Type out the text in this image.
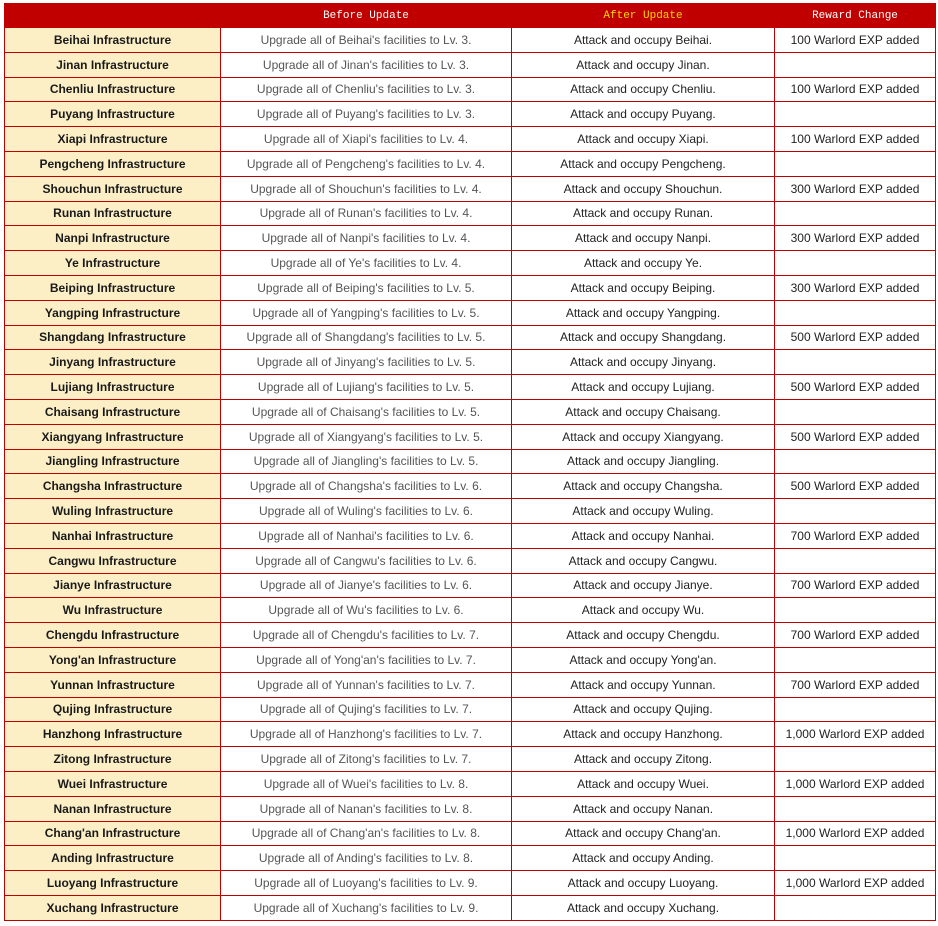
	Before Update	After Update	Reward Change
Beihai Infrastructure	Upgrade all of Beihai's facilities to Lv. 3.	Attack and occupy Beihai.	100 Warlord EXP added
Jinan Infrastructure	Upgrade all of Jinan's facilities to Lv. 3.	Attack and occupy Jinan.	
Chenliu Infrastructure	Upgrade all of Chenliu's facilities to Lv. 3.	Attack and occupy Chenliu.	100 Warlord EXP added
Puyang Infrastructure	Upgrade all of Puyang's facilities to Lv. 3.	Attack and occupy Puyang.	
Xiapi Infrastructure	Upgrade all of Xiapi's facilities to Lv. 4.	Attack and occupy Xiapi.	100 Warlord EXP added
Pengcheng Infrastructure	Upgrade all of Pengcheng's facilities to Lv. 4.	Attack and occupy Pengcheng.	
Shouchun Infrastructure	Upgrade all of Shouchun's facilities to Lv. 4.	Attack and occupy Shouchun.	300 Warlord EXP added
Runan Infrastructure	Upgrade all of Runan's facilities to Lv. 4.	Attack and occupy Runan.	
Nanpi Infrastructure	Upgrade all of Nanpi's facilities to Lv. 4.	Attack and occupy Nanpi.	300 Warlord EXP added
Ye Infrastructure	Upgrade all of Ye's facilities to Lv. 4.	Attack and occupy Ye.	
Beiping Infrastructure	Upgrade all of Beiping's facilities to Lv. 5.	Attack and occupy Beiping.	300 Warlord EXP added
Yangping Infrastructure	Upgrade all of Yangping's facilities to Lv. 5.	Attack and occupy Yangping.	
Shangdang Infrastructure	Upgrade all of Shangdang's facilities to Lv. 5.	Attack and occupy Shangdang.	500 Warlord EXP added
Jinyang Infrastructure	Upgrade all of Jinyang's facilities to Lv. 5.	Attack and occupy Jinyang.	
Lujiang Infrastructure	Upgrade all of Lujiang's facilities to Lv. 5.	Attack and occupy Lujiang.	500 Warlord EXP added
Chaisang Infrastructure	Upgrade all of Chaisang's facilities to Lv. 5.	Attack and occupy Chaisang.	
Xiangyang Infrastructure	Upgrade all of Xiangyang's facilities to Lv. 5.	Attack and occupy Xiangyang.	500 Warlord EXP added
Jiangling Infrastructure	Upgrade all of Jiangling's facilities to Lv. 5.	Attack and occupy Jiangling.	
Changsha Infrastructure	Upgrade all of Changsha's facilities to Lv. 6.	Attack and occupy Changsha.	500 Warlord EXP added
Wuling Infrastructure	Upgrade all of Wuling's facilities to Lv. 6.	Attack and occupy Wuling.	
Nanhai Infrastructure	Upgrade all of Nanhai's facilities to Lv. 6.	Attack and occupy Nanhai.	700 Warlord EXP added
Cangwu Infrastructure	Upgrade all of Cangwu's facilities to Lv. 6.	Attack and occupy Cangwu.	
Jianye Infrastructure	Upgrade all of Jianye's facilities to Lv. 6.	Attack and occupy Jianye.	700 Warlord EXP added
Wu Infrastructure	Upgrade all of Wu's facilities to Lv. 6.	Attack and occupy Wu.	
Chengdu Infrastructure	Upgrade all of Chengdu's facilities to Lv. 7.	Attack and occupy Chengdu.	700 Warlord EXP added
Yong'an Infrastructure	Upgrade all of Yong'an's facilities to Lv. 7.	Attack and occupy Yong'an.	
Yunnan Infrastructure	Upgrade all of Yunnan's facilities to Lv. 7.	Attack and occupy Yunnan.	700 Warlord EXP added
Qujing Infrastructure	Upgrade all of Qujing's facilities to Lv. 7.	Attack and occupy Qujing.	
Hanzhong Infrastructure	Upgrade all of Hanzhong's facilities to Lv. 7.	Attack and occupy Hanzhong.	1,000 Warlord EXP added
Zitong Infrastructure	Upgrade all of Zitong's facilities to Lv. 7.	Attack and occupy Zitong.	
Wuei Infrastructure	Upgrade all of Wuei's facilities to Lv. 8.	Attack and occupy Wuei.	1,000 Warlord EXP added
Nanan Infrastructure	Upgrade all of Nanan's facilities to Lv. 8.	Attack and occupy Nanan.	
Chang'an Infrastructure	Upgrade all of Chang'an's facilities to Lv. 8.	Attack and occupy Chang'an.	1,000 Warlord EXP added
Anding Infrastructure	Upgrade all of Anding's facilities to Lv. 8.	Attack and occupy Anding.	
Luoyang Infrastructure	Upgrade all of Luoyang's facilities to Lv. 9.	Attack and occupy Luoyang.	1,000 Warlord EXP added
Xuchang Infrastructure	Upgrade all of Xuchang's facilities to Lv. 9.	Attack and occupy Xuchang.	
